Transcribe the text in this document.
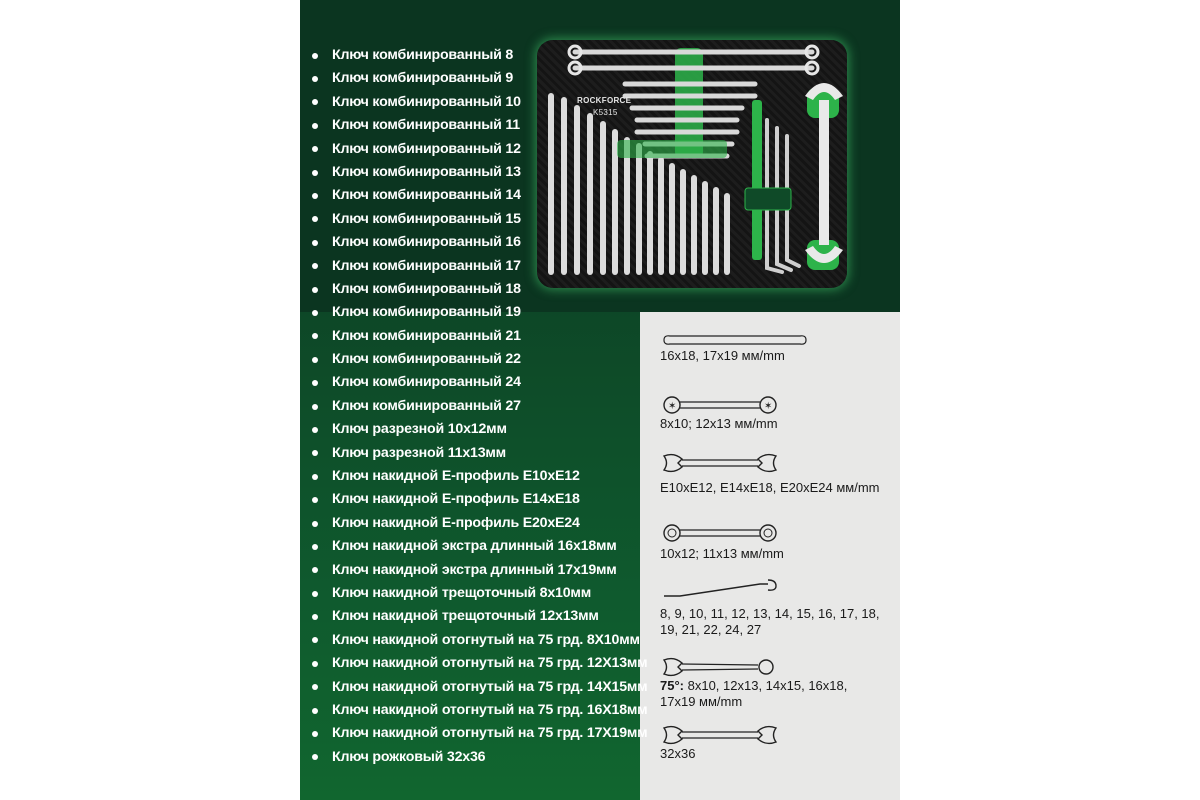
ROCKFORCE
K5315
Ключ комбинированный 8
Ключ комбинированный 9
Ключ комбинированный 10
Ключ комбинированный 11
Ключ комбинированный 12
Ключ комбинированный 13
Ключ комбинированный 14
Ключ комбинированный 15
Ключ комбинированный 16
Ключ комбинированный 17
Ключ комбинированный 18
Ключ комбинированный 19
Ключ комбинированный 21
Ключ комбинированный 22
Ключ комбинированный 24
Ключ комбинированный 27
Ключ разрезной 10х12мм
Ключ разрезной 11х13мм
Ключ накидной Е-профиль Е10хЕ12
Ключ накидной Е-профиль Е14хЕ18
Ключ накидной Е-профиль Е20хЕ24
Ключ накидной экстра длинный 16х18мм
Ключ накидной экстра длинный 17х19мм
Ключ накидной трещоточный 8х10мм
Ключ накидной трещоточный 12х13мм
Ключ накидной отогнутый на 75 грд. 8Х10мм
Ключ накидной отогнутый на 75 грд. 12Х13мм
Ключ накидной отогнутый на 75 грд. 14Х15мм
Ключ накидной отогнутый на 75 грд. 16Х18мм
Ключ накидной отогнутый на 75 грд. 17Х19мм
Ключ рожковый 32х36
16x18, 17x19 мм/mm
✶	✶
8x10; 12x13 мм/mm
E10xE12, E14xE18, E20xE24 мм/mm
10x12; 11x13 мм/mm
8, 9, 10, 11, 12, 13, 14, 15, 16, 17, 18,
19, 21, 22, 24, 27
75°: 8x10, 12x13, 14x15, 16x18,
17x19 мм/mm
32x36
